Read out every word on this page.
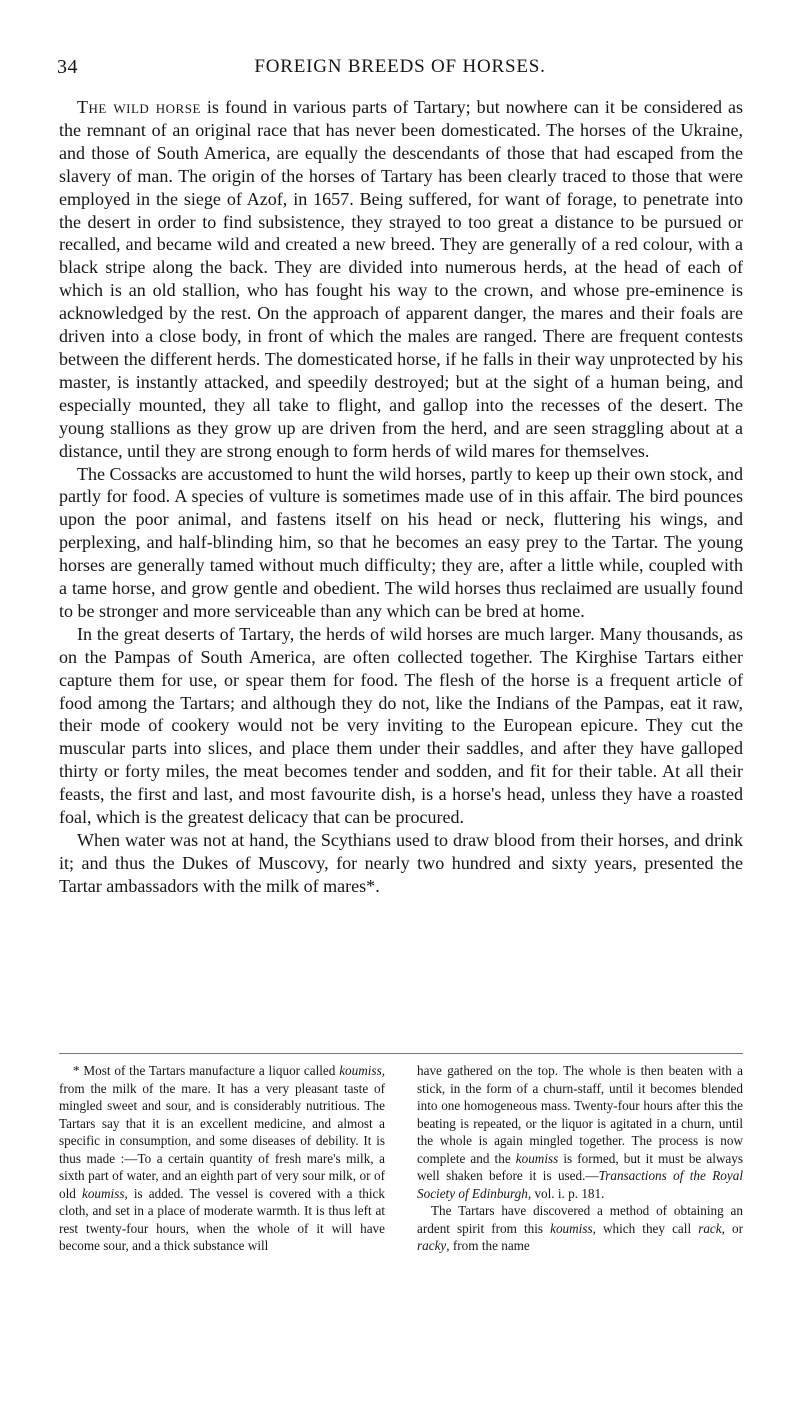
34	FOREIGN BREEDS OF HORSES.

The wild horse is found in various parts of Tartary; but nowhere can it be considered as the remnant of an original race that has never been domesticated. The horses of the Ukraine, and those of South America, are equally the descendants of those that had escaped from the slavery of man. The origin of the horses of Tartary has been clearly traced to those that were employed in the siege of Azof, in 1657. Being suffered, for want of forage, to penetrate into the desert in order to find subsistence, they strayed to too great a distance to be pursued or recalled, and became wild and created a new breed. They are generally of a red colour, with a black stripe along the back. They are divided into numerous herds, at the head of each of which is an old stallion, who has fought his way to the crown, and whose pre-eminence is acknowledged by the rest. On the approach of apparent danger, the mares and their foals are driven into a close body, in front of which the males are ranged. There are frequent contests between the different herds. The domesticated horse, if he falls in their way unprotected by his master, is instantly attacked, and speedily destroyed; but at the sight of a human being, and especially mounted, they all take to flight, and gallop into the recesses of the desert. The young stallions as they grow up are driven from the herd, and are seen straggling about at a distance, until they are strong enough to form herds of wild mares for themselves.

The Cossacks are accustomed to hunt the wild horses, partly to keep up their own stock, and partly for food. A species of vulture is sometimes made use of in this affair. The bird pounces upon the poor animal, and fastens itself on his head or neck, fluttering his wings, and perplexing, and half-blinding him, so that he becomes an easy prey to the Tartar. The young horses are generally tamed without much difficulty; they are, after a little while, coupled with a tame horse, and grow gentle and obedient. The wild horses thus reclaimed are usually found to be stronger and more serviceable than any which can be bred at home.

In the great deserts of Tartary, the herds of wild horses are much larger. Many thousands, as on the Pampas of South America, are often collected together. The Kirghise Tartars either capture them for use, or spear them for food. The flesh of the horse is a frequent article of food among the Tartars; and although they do not, like the Indians of the Pampas, eat it raw, their mode of cookery would not be very inviting to the European epicure. They cut the muscular parts into slices, and place them under their saddles, and after they have galloped thirty or forty miles, the meat becomes tender and sodden, and fit for their table. At all their feasts, the first and last, and most favourite dish, is a horse's head, unless they have a roasted foal, which is the greatest delicacy that can be procured.

When water was not at hand, the Scythians used to draw blood from their horses, and drink it; and thus the Dukes of Muscovy, for nearly two hundred and sixty years, presented the Tartar ambassadors with the milk of mares*.

* Most of the Tartars manufacture a liquor called koumiss, from the milk of the mare. It has a very pleasant taste of mingled sweet and sour, and is considerably nutritious. The Tartars say that it is an excellent medicine, and almost a specific in consumption, and some diseases of debility. It is thus made :—To a certain quantity of fresh mare's milk, a sixth part of water, and an eighth part of very sour milk, or of old koumiss, is added. The vessel is covered with a thick cloth, and set in a place of moderate warmth. It is thus left at rest twenty-four hours, when the whole of it will have become sour, and a thick substance will

have gathered on the top. The whole is then beaten with a stick, in the form of a churn-staff, until it becomes blended into one homogeneous mass. Twenty-four hours after this the beating is repeated, or the liquor is agitated in a churn, until the whole is again mingled together. The process is now complete and the koumiss is formed, but it must be always well shaken before it is used.—Transactions of the Royal Society of Edinburgh, vol. i. p. 181.

The Tartars have discovered a method of obtaining an ardent spirit from this koumiss, which they call rack, or racky, from the name
